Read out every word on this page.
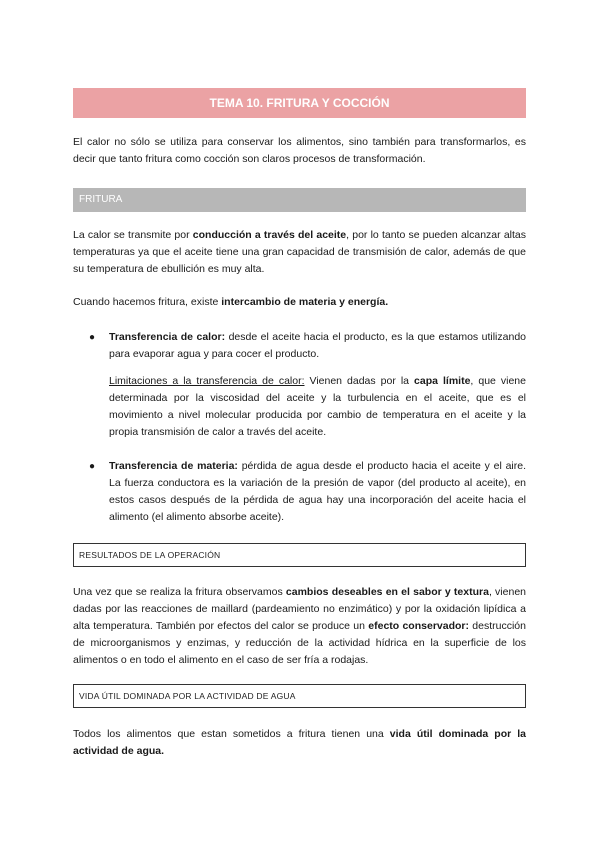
TEMA 10. FRITURA Y COCCIÓN

El calor no sólo se utiliza para conservar los alimentos, sino también para transformarlos, es decir que tanto fritura como cocción son claros procesos de transformación.

FRITURA

La calor se transmite por conducción a través del aceite, por lo tanto se pueden alcanzar altas temperaturas ya que el aceite tiene una gran capacidad de transmisión de calor, además de que su temperatura de ebullición es muy alta.

Cuando hacemos fritura, existe intercambio de materia y energía.

● Transferencia de calor: desde el aceite hacia el producto, es la que estamos utilizando para evaporar agua y para cocer el producto.

Limitaciones a la transferencia de calor: Vienen dadas por la capa límite, que viene determinada por la viscosidad del aceite y la turbulencia en el aceite, que es el movimiento a nivel molecular producida por cambio de temperatura en el aceite y la propia transmisión de calor a través del aceite.

● Transferencia de materia: pérdida de agua desde el producto hacia el aceite y el aire. La fuerza conductora es la variación de la presión de vapor (del producto al aceite), en estos casos después de la pérdida de agua hay una incorporación del aceite hacia el alimento (el alimento absorbe aceite).

RESULTADOS DE LA OPERACIÓN

Una vez que se realiza la fritura observamos cambios deseables en el sabor y textura, vienen dadas por las reacciones de maillard (pardeamiento no enzimático) y por la oxidación lipídica a alta temperatura. También por efectos del calor se produce un efecto conservador: destrucción de microorganismos y enzimas, y reducción de la actividad hídrica en la superficie de los alimentos o en todo el alimento en el caso de ser fría a rodajas.

VIDA ÚTIL DOMINADA POR LA ACTIVIDAD DE AGUA

Todos los alimentos que estan sometidos a fritura tienen una vida útil dominada por la actividad de agua.
